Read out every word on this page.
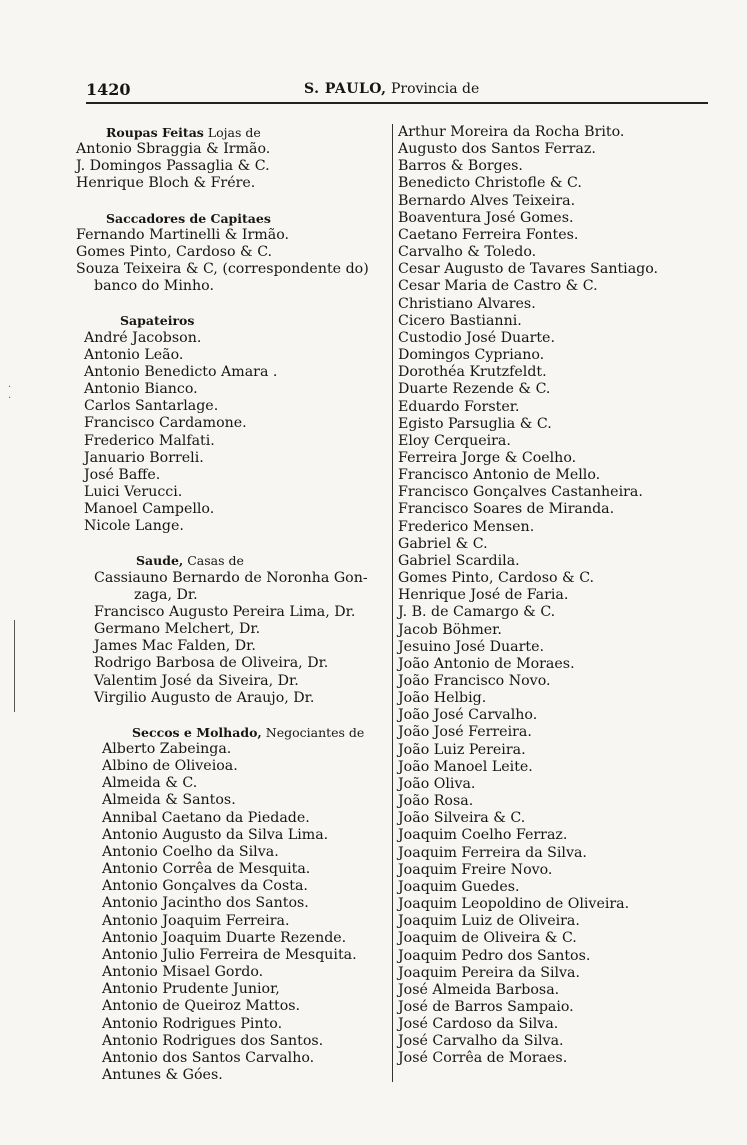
1420	S. PAULO, Provincia de
·
·
Roupas Feitas Lojas de
Antonio Sbraggia & Irmão.
J. Domingos Passaglia & C.
Henrique Bloch & Frére.
Saccadores de Capitaes
Fernando Martinelli & Irmão.
Gomes Pinto, Cardoso & C.
Souza Teixeira & C, (correspondente do)
banco do Minho.
Sapateiros
André Jacobson.
Antonio Leão.
Antonio Benedicto Amara .
Antonio Bianco.
Carlos Santarlage.
Francisco Cardamone.
Frederico Malfati.
Januario Borreli.
José Baffe.
Luici Verucci.
Manoel Campello.
Nicole Lange.
Saude, Casas de
Cassiauno Bernardo de Noronha Gon-
zaga, Dr.
Francisco Augusto Pereira Lima, Dr.
Germano Melchert, Dr.
James Mac Falden, Dr.
Rodrigo Barbosa de Oliveira, Dr.
Valentim José da Siveira, Dr.
Virgilio Augusto de Araujo, Dr.
Seccos e Molhado, Negociantes de
Alberto Zabeinga.
Albino de Oliveioa.
Almeida & C.
Almeida & Santos.
Annibal Caetano da Piedade.
Antonio Augusto da Silva Lima.
Antonio Coelho da Silva.
Antonio Corrêa de Mesquita.
Antonio Gonçalves da Costa.
Antonio Jacintho dos Santos.
Antonio Joaquim Ferreira.
Antonio Joaquim Duarte Rezende.
Antonio Julio Ferreira de Mesquita.
Antonio Misael Gordo.
Antonio Prudente Junior,
Antonio de Queiroz Mattos.
Antonio Rodrigues Pinto.
Antonio Rodrigues dos Santos.
Antonio dos Santos Carvalho.
Antunes & Góes.
Arthur Moreira da Rocha Brito.
Augusto dos Santos Ferraz.
Barros & Borges.
Benedicto Christofle & C.
Bernardo Alves Teixeira.
Boaventura José Gomes.
Caetano Ferreira Fontes.
Carvalho & Toledo.
Cesar Augusto de Tavares Santiago.
Cesar Maria de Castro & C.
Christiano Alvares.
Cicero Bastianni.
Custodio José Duarte.
Domingos Cypriano.
Dorothéa Krutzfeldt.
Duarte Rezende & C.
Eduardo Forster.
Egisto Parsuglia & C.
Eloy Cerqueira.
Ferreira Jorge & Coelho.
Francisco Antonio de Mello.
Francisco Gonçalves Castanheira.
Francisco Soares de Miranda.
Frederico Mensen.
Gabriel & C.
Gabriel Scardila.
Gomes Pinto, Cardoso & C.
Henrique José de Faria.
J. B. de Camargo & C.
Jacob Böhmer.
Jesuino José Duarte.
João Antonio de Moraes.
João Francisco Novo.
João Helbig.
João José Carvalho.
João José Ferreira.
João Luiz Pereira.
João Manoel Leite.
João Oliva.
João Rosa.
João Silveira & C.
Joaquim Coelho Ferraz.
Joaquim Ferreira da Silva.
Joaquim Freire Novo.
Joaquim Guedes.
Joaquim Leopoldino de Oliveira.
Joaquim Luiz de Oliveira.
Joaquim de Oliveira & C.
Joaquim Pedro dos Santos.
Joaquim Pereira da Silva.
José Almeida Barbosa.
José de Barros Sampaio.
José Cardoso da Silva.
José Carvalho da Silva.
José Corrêa de Moraes.
